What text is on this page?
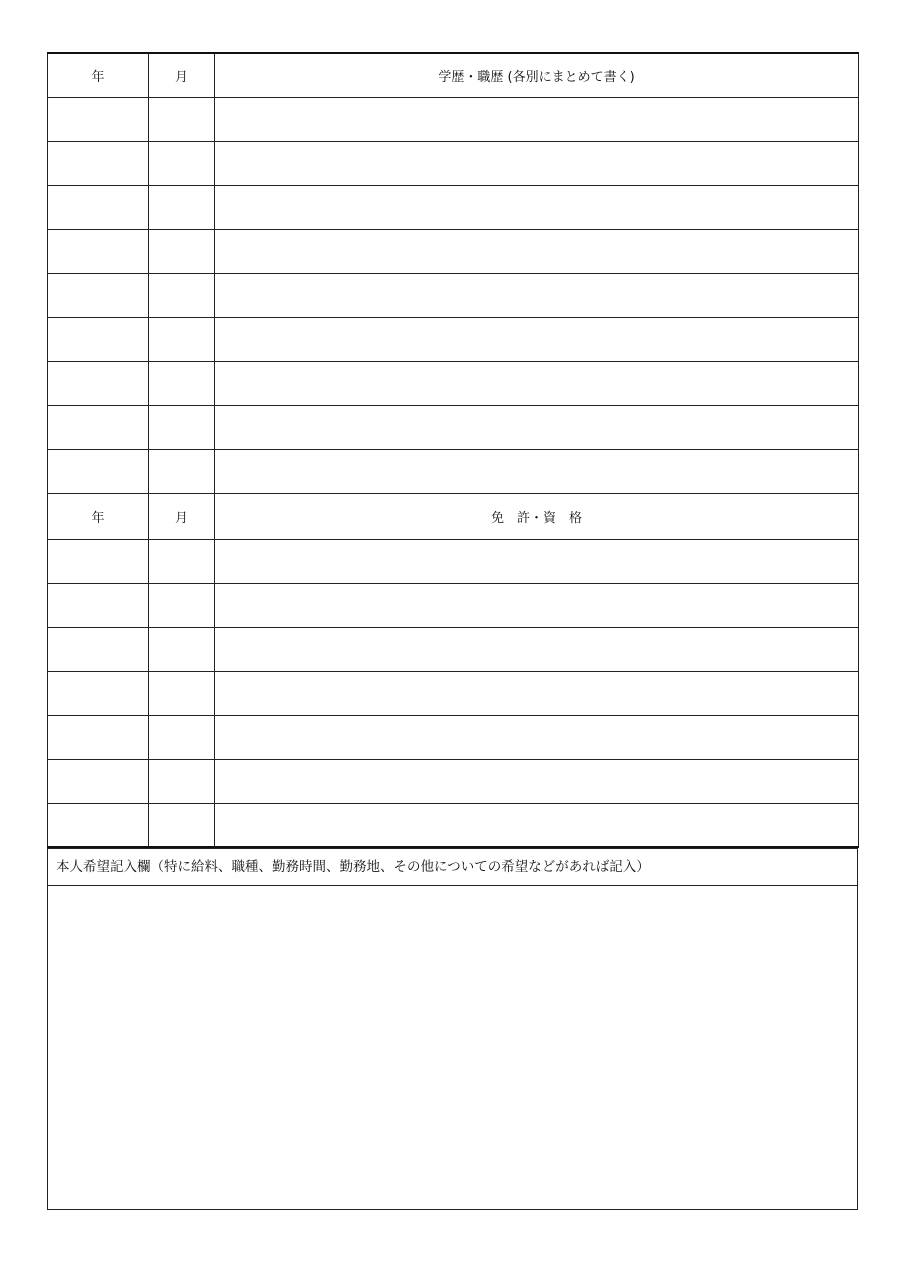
年	月	学歴・職歴 (各別にまとめて書く)

年	月	免　許・資　格

本人希望記入欄（特に給料、職種、勤務時間、勤務地、その他についての希望などがあれば記入）
